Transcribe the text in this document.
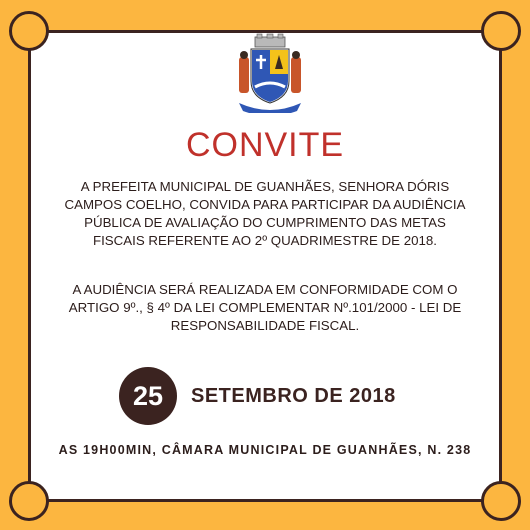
CONVITE
A PREFEITA MUNICIPAL DE GUANHÃES, SENHORA DÓRIS CAMPOS COELHO, CONVIDA PARA PARTICIPAR DA AUDIÊNCIA PÚBLICA DE AVALIAÇÃO DO CUMPRIMENTO DAS METAS FISCAIS REFERENTE AO 2º QUADRIMESTRE DE 2018.
A AUDIÊNCIA SERÁ REALIZADA EM CONFORMIDADE COM O ARTIGO 9º., § 4º DA LEI COMPLEMENTAR Nº.101/2000 - LEI DE RESPONSABILIDADE FISCAL.
25	SETEMBRO DE 2018
AS 19H00MIN, CÂMARA MUNICIPAL DE GUANHÃES, N. 238
